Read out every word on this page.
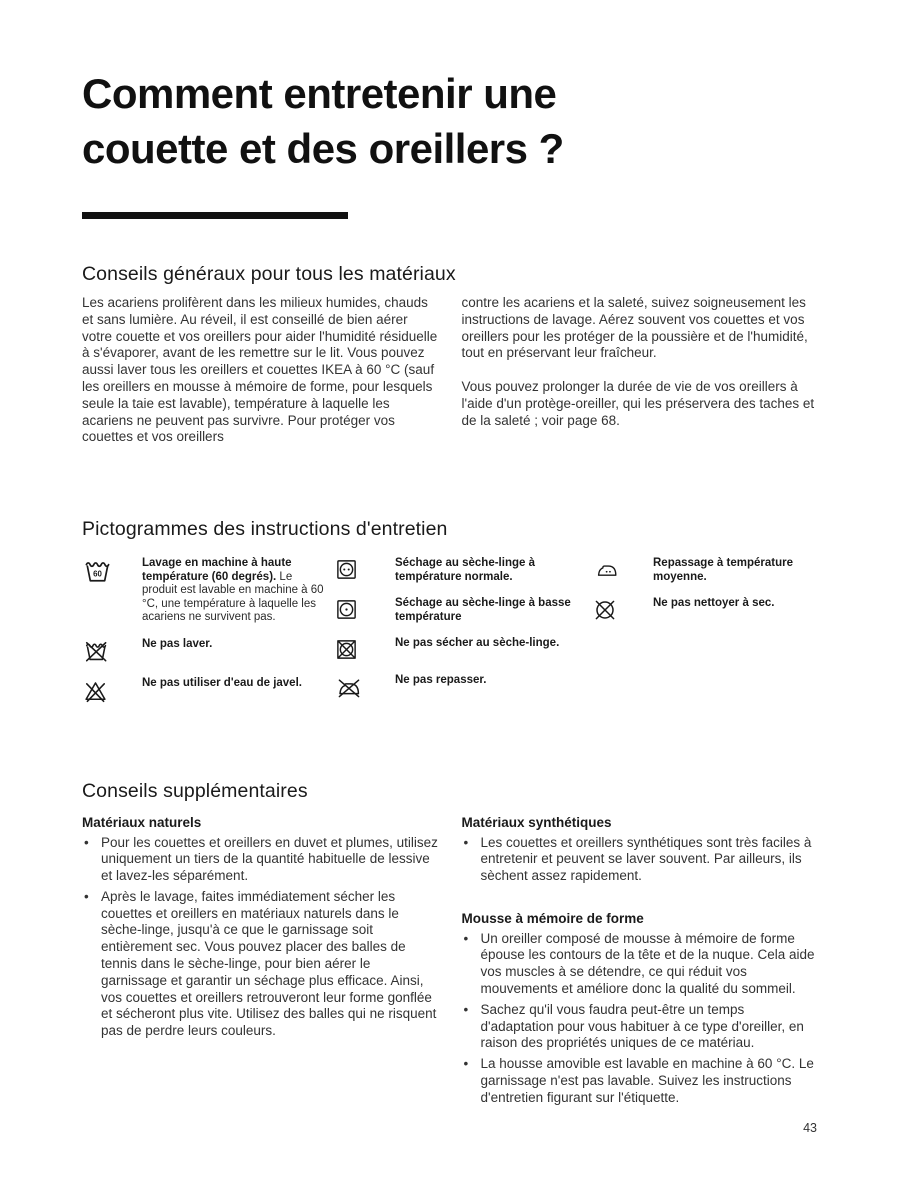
Comment entretenir une
couette et des oreillers ?
Conseils généraux pour tous les matériaux

Les acariens prolifèrent dans les milieux humides, chauds et sans lumière. Au réveil, il est conseillé de bien aérer votre couette et vos oreillers pour aider l'humidité résiduelle à s'évaporer, avant de les remettre sur le lit. Vous pouvez aussi laver tous les oreillers et couettes IKEA à 60 °C (sauf les oreillers en mousse à mémoire de forme, pour lesquels seule la taie est lavable), température à laquelle les acariens ne peuvent pas survivre. Pour protéger vos couettes et vos oreillers

contre les acariens et la saleté, suivez soigneusement les instructions de lavage. Aérez souvent vos couettes et vos oreillers pour les protéger de la poussière et de l'humidité, tout en préservant leur fraîcheur.

Vous pouvez prolonger la durée de vie de vos oreillers à l'aide d'un protège-oreiller, qui les préservera des taches et de la saleté ; voir page 68.

Pictogrammes des instructions d'entretien
60
Lavage en machine à haute température (60 degrés). Le produit est lavable en machine à 60 °C, une température à laquelle les acariens ne survivent pas.
Ne pas laver.
Ne pas utiliser d'eau de javel.
Séchage au sèche-linge à température normale.
Séchage au sèche-linge à basse température
Ne pas sécher au sèche-linge.
Ne pas repasser.
Repassage à température moyenne.
Ne pas nettoyer à sec.
Conseils supplémentaires
Matériaux naturels
• Pour les couettes et oreillers en duvet et plumes, utilisez uniquement un tiers de la quantité habituelle de lessive et lavez-les séparément.
• Après le lavage, faites immédiatement sécher les couettes et oreillers en matériaux naturels dans le sèche-linge, jusqu'à ce que le garnissage soit entièrement sec. Vous pouvez placer des balles de tennis dans le sèche-linge, pour bien aérer le garnissage et garantir un séchage plus efficace. Ainsi, vos couettes et oreillers retrouveront leur forme gonflée et sécheront plus vite. Utilisez des balles qui ne risquent pas de perdre leurs couleurs.
Matériaux synthétiques
• Les couettes et oreillers synthétiques sont très faciles à entretenir et peuvent se laver souvent. Par ailleurs, ils sèchent assez rapidement.
Mousse à mémoire de forme
• Un oreiller composé de mousse à mémoire de forme épouse les contours de la tête et de la nuque. Cela aide vos muscles à se détendre, ce qui réduit vos mouvements et améliore donc la qualité du sommeil.
• Sachez qu'il vous faudra peut-être un temps d'adaptation pour vous habituer à ce type d'oreiller, en raison des propriétés uniques de ce matériau.
• La housse amovible est lavable en machine à 60 °C. Le garnissage n'est pas lavable. Suivez les instructions d'entretien figurant sur l'étiquette.
43
